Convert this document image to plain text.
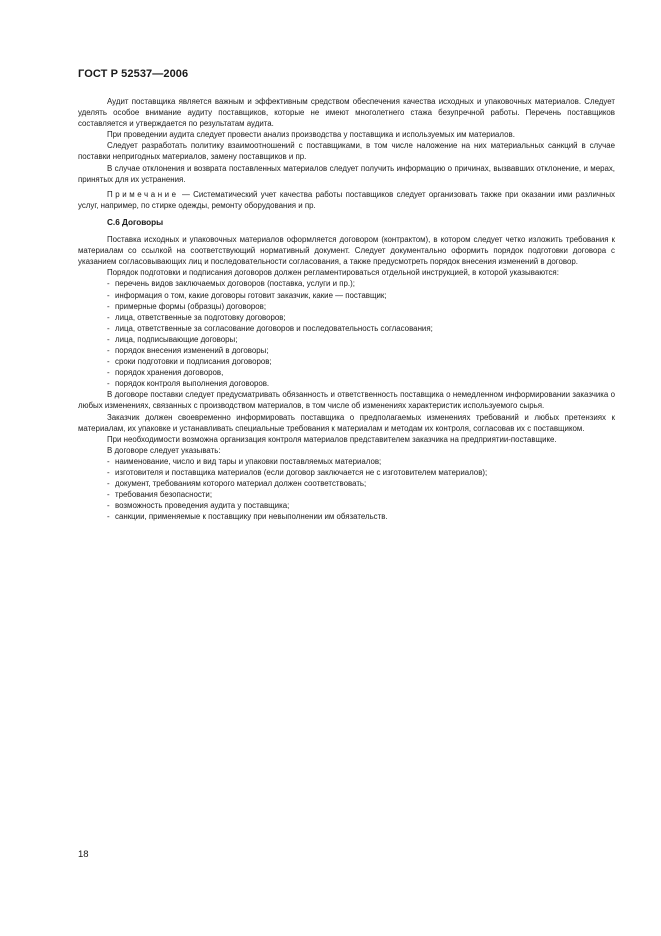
ГОСТ Р 52537—2006

Аудит поставщика является важным и эффективным средством обеспечения качества исходных и упаковочных материалов. Следует уделять особое внимание аудиту поставщиков, которые не имеют многолетнего стажа безупречной работы. Перечень поставщиков составляется и утверждается по результатам аудита.

При проведении аудита следует провести анализ производства у поставщика и используемых им материалов.

Следует разработать политику взаимоотношений с поставщиками, в том числе наложение на них материальных санкций в случае поставки непригодных материалов, замену поставщиков и пр.

В случае отклонения и возврата поставленных материалов следует получить информацию о причинах, вызвавших отклонение, и мерах, принятых для их устранения.

Примечание — Систематический учет качества работы поставщиков следует организовать также при оказании ими различных услуг, например, по стирке одежды, ремонту оборудования и пр.

С.6 Договоры

Поставка исходных и упаковочных материалов оформляется договором (контрактом), в котором следует четко изложить требования к материалам со ссылкой на соответствующий нормативный документ. Следует документально оформить порядок подготовки договора с указанием согласовывающих лиц и последовательности согласования, а также предусмотреть порядок внесения изменений в договор.

Порядок подготовки и подписания договоров должен регламентироваться отдельной инструкцией, в которой указываются:

- перечень видов заключаемых договоров (поставка, услуги и пр.);
- информация о том, какие договоры готовит заказчик, какие — поставщик;
- примерные формы (образцы) договоров;
- лица, ответственные за подготовку договоров;
- лица, ответственные за согласование договоров и последовательность согласования;
- лица, подписывающие договоры;
- порядок внесения изменений в договоры;
- сроки подготовки и подписания договоров;
- порядок хранения договоров,
- порядок контроля выполнения договоров.

В договоре поставки следует предусматривать обязанность и ответственность поставщика о немедленном информировании заказчика о любых изменениях, связанных с производством материалов, в том числе об изменениях характеристик используемого сырья.

Заказчик должен своевременно информировать поставщика о предполагаемых изменениях требований и любых претензиях к материалам, их упаковке и устанавливать специальные требования к материалам и методам их контроля, согласовав их с поставщиком.

При необходимости возможна организация контроля материалов представителем заказчика на предприятии-поставщике.

В договоре следует указывать:

- наименование, число и вид тары и упаковки поставляемых материалов;
- изготовителя и поставщика материалов (если договор заключается не с изготовителем материалов);
- документ, требованиям которого материал должен соответствовать;
- требования безопасности;
- возможность проведения аудита у поставщика;
- санкции, применяемые к поставщику при невыполнении им обязательств.
18
